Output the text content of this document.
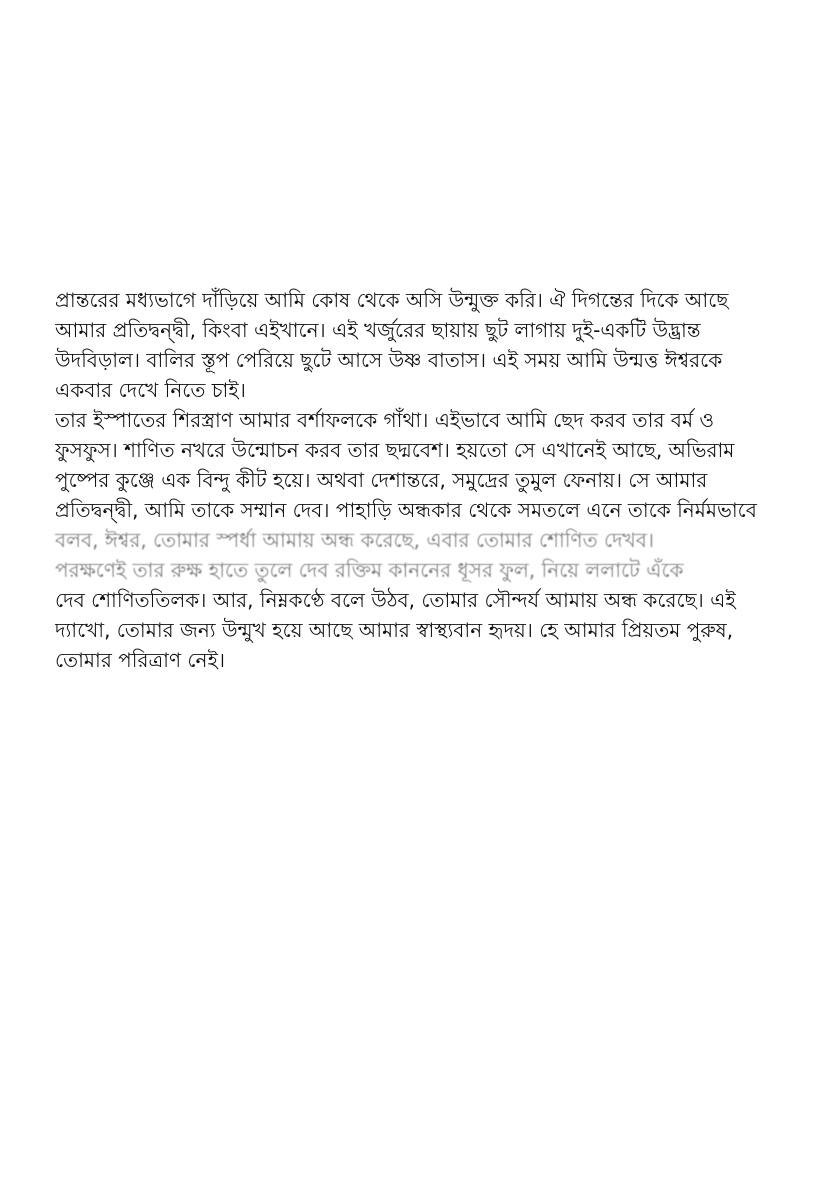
প্রান্তরের মধ্যভাগে দাঁড়িয়ে আমি কোষ থেকে অসি উন্মুক্ত করি। ঐ দিগন্তের দিকে আছে
আমার প্রতিদ্বন্দ্বী, কিংবা এইখানে। এই খর্জুরের ছায়ায় ছুট লাগায় দুই-একটি উদ্ভ্রান্ত
উদবিড়াল। বালির স্তূপ পেরিয়ে ছুটে আসে উষ্ণ বাতাস। এই সময় আমি উন্মত্ত ঈশ্বরকে
একবার দেখে নিতে চাই।

তার ইস্পাতের শিরস্ত্রাণ আমার বর্শাফলকে গাঁথা। এইভাবে আমি ছেদ করব তার বর্ম ও
ফুসফুস। শাণিত নখরে উন্মোচন করব তার ছদ্মবেশ। হয়তো সে এখানেই আছে, অভিরাম
পুষ্পের কুঞ্জে এক বিন্দু কীট হয়ে। অথবা দেশান্তরে, সমুদ্রের তুমুল ফেনায়। সে আমার
প্রতিদ্বন্দ্বী, আমি তাকে সম্মান দেব। পাহাড়ি অন্ধকার থেকে সমতলে এনে তাকে নির্মমভাবে
বলব, ঈশ্বর, তোমার স্পর্ধা আমায় অন্ধ করেছে, এবার তোমার শোণিত দেখব।
পরক্ষণেই তার রুক্ষ হাতে তুলে দেব রক্তিম কাননের ধূসর ফুল, নিয়ে ললাটে এঁকে
দেব শোণিততিলক। আর, নিম্নকণ্ঠে বলে উঠব, তোমার সৌন্দর্য আমায় অন্ধ করেছে। এই
দ্যাখো, তোমার জন্য উন্মুখ হয়ে আছে আমার স্বাস্থ্যবান হৃদয়। হে আমার প্রিয়তম পুরুষ,
তোমার পরিত্রাণ নেই।
